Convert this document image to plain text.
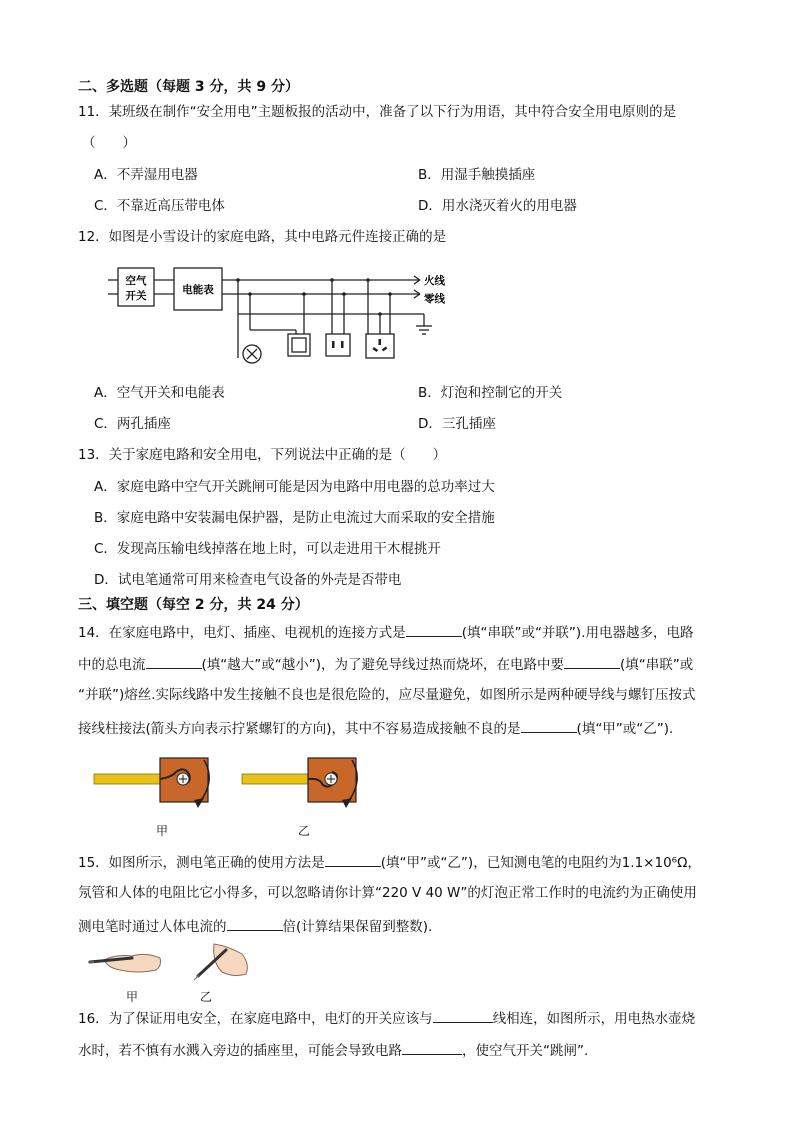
二、多选题（每题 3 分，共 9 分）
11．某班级在制作“安全用电”主题板报的活动中，准备了以下行为用语，其中符合安全用电原则的是
（　　）
A．不弄湿用电器	B．用湿手触摸插座
C．不靠近高压带电体	D．用水浇灭着火的用电器
12．如图是小雪设计的家庭电路，其中电路元件连接正确的是
空气
开关	电能表
火线
零线
A．空气开关和电能表	B．灯泡和控制它的开关
C．两孔插座	D．三孔插座
13．关于家庭电路和安全用电，下列说法中正确的是（　　）
A．家庭电路中空气开关跳闸可能是因为电路中用电器的总功率过大
B．家庭电路中安装漏电保护器，是防止电流过大而采取的安全措施
C．发现高压输电线掉落在地上时，可以走进用干木棍挑开
D．试电笔通常可用来检查电气设备的外壳是否带电
三、填空题（每空 2 分，共 24 分）
14．在家庭电路中，电灯、插座、电视机的连接方式是	(填“串联”或“并联”).用电器越多，电路
中的总电流	(填“越大”或“越小”)，为了避免导线过热而烧坏，在电路中要	(填“串联”或
“并联”)熔丝.实际线路中发生接触不良也是很危险的，应尽量避免，如图所示是两种硬导线与螺钉压按式
接线柱接法(箭头方向表示拧紧螺钉的方向)，其中不容易造成接触不良的是	(填“甲”或“乙”).
甲	乙
15．如图所示，测电笔正确的使用方法是	(填“甲”或“乙”)，已知测电笔的电阻约为1.1×10⁶Ω，
氖管和人体的电阻比它小得多，可以忽略请你计算“220 V 40 W”的灯泡正常工作时的电流约为正确使用
测电笔时通过人体电流的	倍(计算结果保留到整数).
甲	乙
16．为了保证用电安全，在家庭电路中，电灯的开关应该与	线相连，如图所示，用电热水壶烧
水时，若不慎有水溅入旁边的插座里，可能会导致电路	，使空气开关“跳闸”.
